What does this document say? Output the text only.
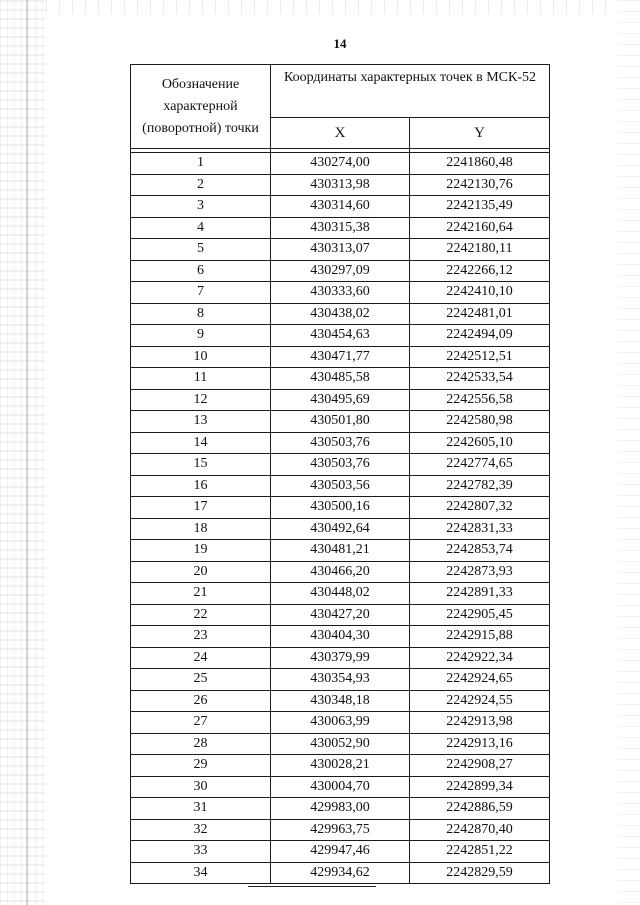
14
Обозначение характерной (поворотной) точки	Координаты характерных точек в МСК-52	
	X	Y

1	430274,00	2241860,48
2	430313,98	2242130,76
3	430314,60	2242135,49
4	430315,38	2242160,64
5	430313,07	2242180,11
6	430297,09	2242266,12
7	430333,60	2242410,10
8	430438,02	2242481,01
9	430454,63	2242494,09
10	430471,77	2242512,51
11	430485,58	2242533,54
12	430495,69	2242556,58
13	430501,80	2242580,98
14	430503,76	2242605,10
15	430503,76	2242774,65
16	430503,56	2242782,39
17	430500,16	2242807,32
18	430492,64	2242831,33
19	430481,21	2242853,74
20	430466,20	2242873,93
21	430448,02	2242891,33
22	430427,20	2242905,45
23	430404,30	2242915,88
24	430379,99	2242922,34
25	430354,93	2242924,65
26	430348,18	2242924,55
27	430063,99	2242913,98
28	430052,90	2242913,16
29	430028,21	2242908,27
30	430004,70	2242899,34
31	429983,00	2242886,59
32	429963,75	2242870,40
33	429947,46	2242851,22
34	429934,62	2242829,59
